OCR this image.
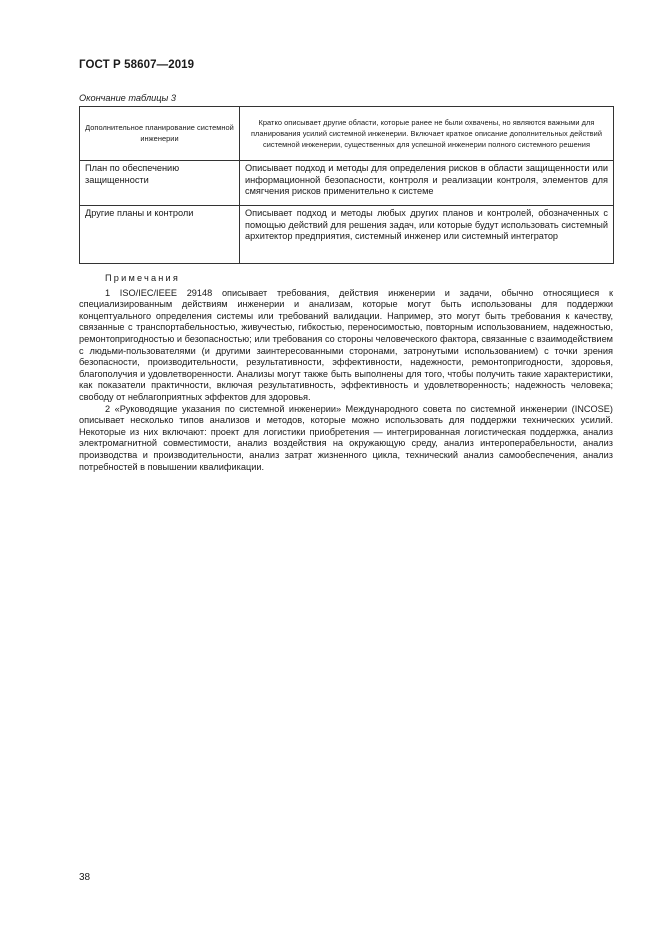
ГОСТ Р 58607—2019
Окончание таблицы 3
Дополнительное планирование системной инженерии	Кратко описывает другие области, которые ранее не были охвачены, но являются важными для планирования усилий системной инженерии. Включает краткое описание дополнительных действий системной инженерии, существенных для успешной инженерии полного системного решения
План по обеспечению защищенности	Описывает подход и методы для определения рисков в области защищенности или информационной безопасности, контроля и реализации контроля, элементов для смягчения рисков применительно к системе
Другие планы и контроли	Описывает подход и методы любых других планов и контролей, обозначенных с помощью действий для решения задач, или которые будут использовать системный архитектор предприятия, системный инженер или системный интегратор
Примечания

1 ISO/IEC/IEEE 29148 описывает требования, действия инженерии и задачи, обычно относящиеся к специализированным действиям инженерии и анализам, которые могут быть использованы для поддержки концептуального определения системы или требований валидации. Например, это могут быть требования к качеству, связанные с транспортабельностью, живучестью, гибкостью, переносимостью, повторным использованием, надежностью, ремонтопригодностью и безопасностью; или требования со стороны человеческого фактора, связанные с взаимодействием с людьми-пользователями (и другими заинтересованными сторонами, затронутыми использованием) с точки зрения безопасности, производительности, результативности, эффективности, надежности, ремонтопригодности, здоровья, благополучия и удовлетворенности. Анализы могут также быть выполнены для того, чтобы получить такие характеристики, как показатели практичности, включая результативность, эффективность и удовлетворенность; надежность человека; свободу от неблагоприятных эффектов для здоровья.

2 «Руководящие указания по системной инженерии» Международного совета по системной инженерии (INCOSE) описывает несколько типов анализов и методов, которые можно использовать для поддержки технических усилий. Некоторые из них включают: проект для логистики приобретения — интегрированная логистическая поддержка, анализ электромагнитной совместимости, анализ воздействия на окружающую среду, анализ интероперабельности, анализ производства и производительности, анализ затрат жизненного цикла, технический анализ самообеспечения, анализ потребностей в повышении квалификации.

38
